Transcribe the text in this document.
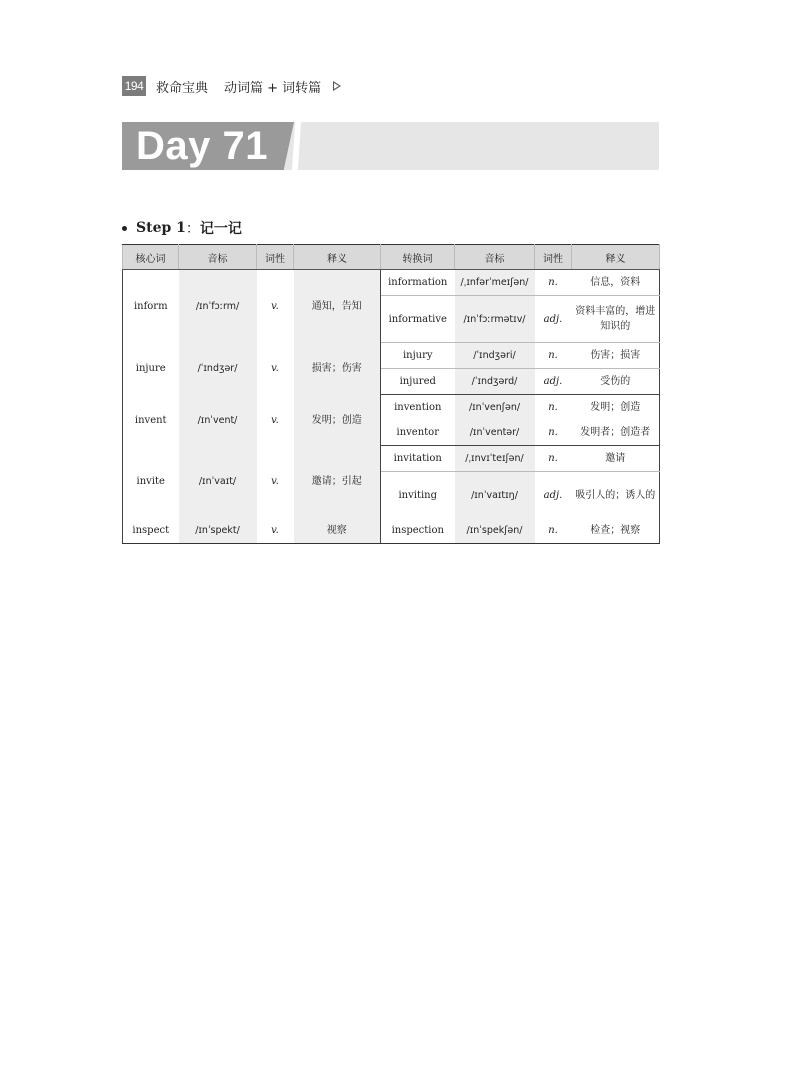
194 救命宝典 动词篇 + 词转篇
Day 71
Step 1 ： 记一记
核心词	音标	词性	释义	转换词	音标	词性	释义
inform	/ɪnˈfɔːrm/	v.	通知，告知	information	/ˌɪnfərˈmeɪʃən/	n.	信息，资料
				informative	/ɪnˈfɔːrmətɪv/	adj.	资料丰富的，增进知识的
injure	/ˈɪndʒər/	v.	损害；伤害	injury	/ˈɪndʒəri/	n.	伤害；损害
				injured	/ˈɪndʒərd/	adj.	受伤的
invent	/ɪnˈvent/	v.	发明；创造	invention	/ɪnˈvenʃən/	n.	发明；创造
				inventor	/ɪnˈventər/	n.	发明者；创造者
invite	/ɪnˈvaɪt/	v.	邀请；引起	invitation	/ˌɪnvɪˈteɪʃən/	n.	邀请
				inviting	/ɪnˈvaɪtɪŋ/	adj.	吸引人的；诱人的
inspect	/ɪnˈspekt/	v.	视察	inspection	/ɪnˈspekʃən/	n.	检查；视察
